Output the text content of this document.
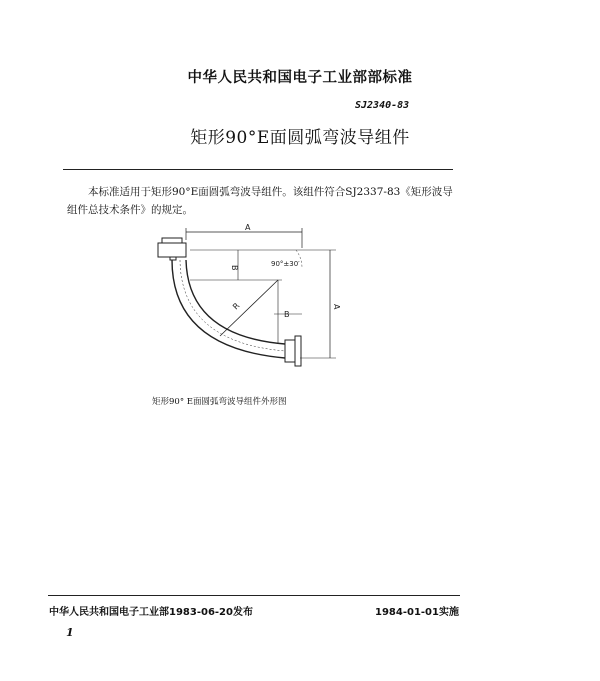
中华人民共和国电子工业部部标准
SJ2340-83
矩形90°E面圆弧弯波导组件
本标准适用于矩形90°E面圆弧弯波导组件。该组件符合SJ2337-83《矩形波导组件总技术条件》的规定。
A
A
B
B
R
90°±30′
矩形90° E面圆弧弯波导组件外形图
中华人民共和国电子工业部1983-06-20发布	1984-01-01实施
1
